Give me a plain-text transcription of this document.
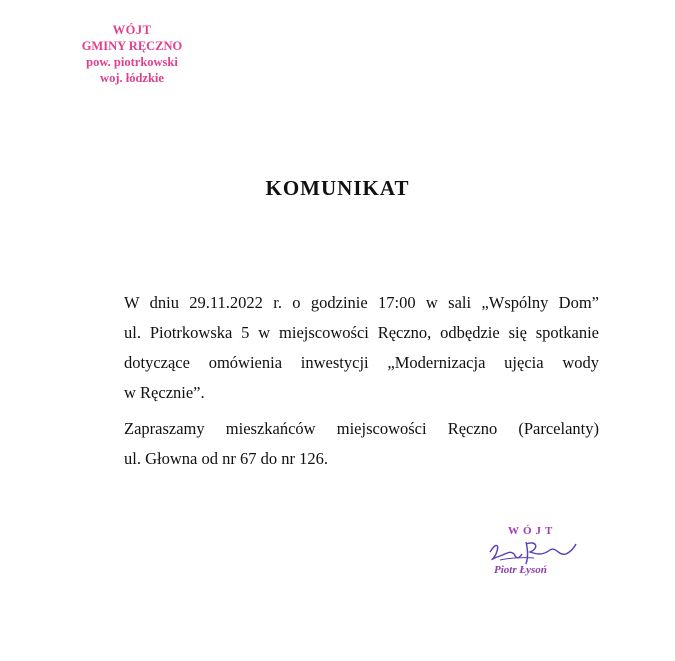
WÓJT
GMINY RĘCZNO
pow. piotrkowski
woj. łódzkie
KOMUNIKAT
W dniu 29.11.2022 r. o godzinie 17:00 w sali „Wspólny Dom”
ul. Piotrkowska 5 w miejscowości Ręczno, odbędzie się spotkanie
dotyczące omówienia inwestycji „Modernizacja ujęcia wody
w Ręcznie”.
Zapraszamy mieszkańców miejscowości Ręczno (Parcelanty)
ul. Głowna od nr 67 do nr 126.
WÓJT
Piotr Łysoń
